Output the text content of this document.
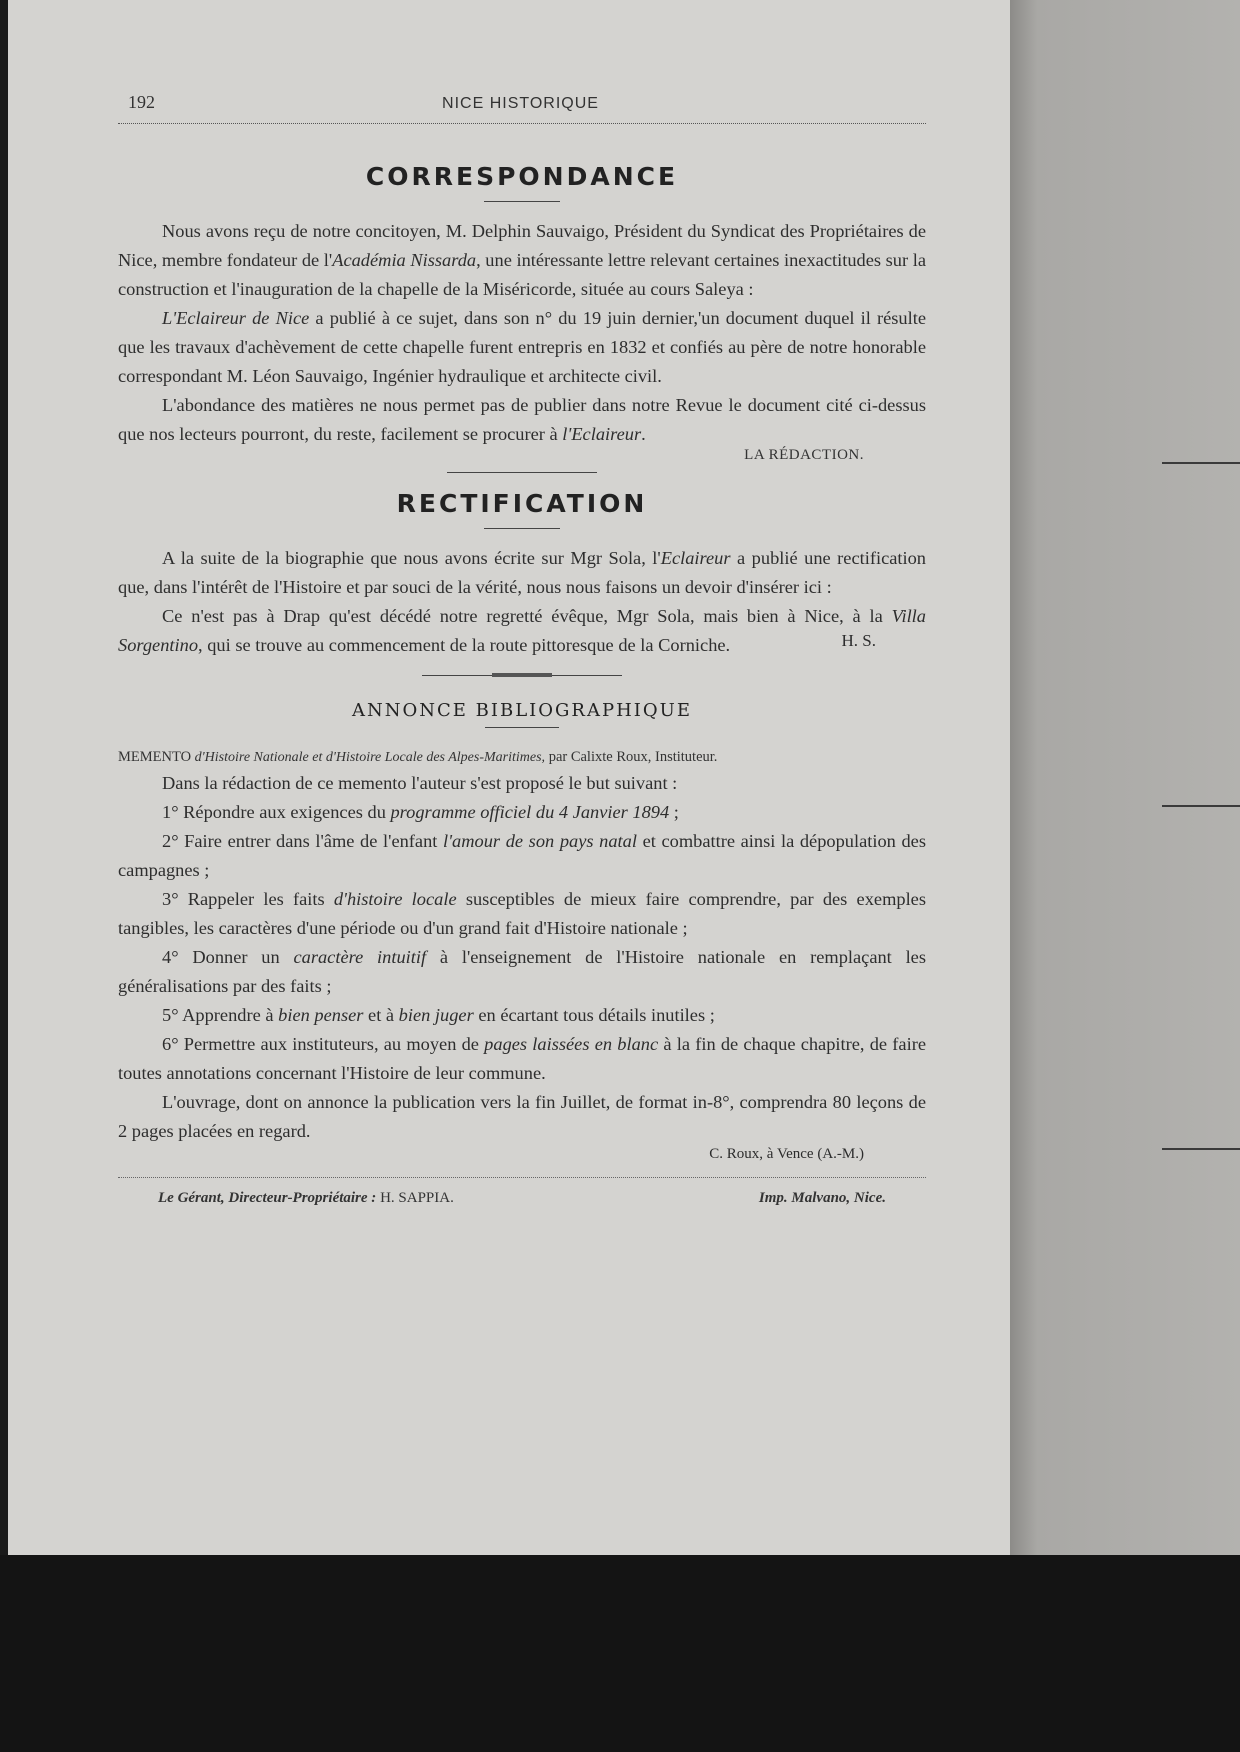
192	NICE HISTORIQUE
CORRESPONDANCE

Nous avons reçu de notre concitoyen, M. Delphin Sauvaigo, Président du Syndicat des Propriétaires de Nice, membre fondateur de l'Académia Nissarda, une intéressante lettre relevant certaines inexactitudes sur la construction et l'inauguration de la chapelle de la Miséricorde, située au cours Saleya :

L'Eclaireur de Nice a publié à ce sujet, dans son n° du 19 juin dernier,'un document duquel il résulte que les travaux d'achèvement de cette chapelle furent entrepris en 1832 et confiés au père de notre honorable correspondant M. Léon Sauvaigo, Ingénier hydraulique et architecte civil.

L'abondance des matières ne nous permet pas de publier dans notre Revue le document cité ci-dessus que nos lecteurs pourront, du reste, facilement se procurer à l'Eclaireur.

LA RÉDACTION.
RECTIFICATION

A la suite de la biographie que nous avons écrite sur Mgr Sola, l'Eclaireur a publié une rectification que, dans l'intérêt de l'Histoire et par souci de la vérité, nous nous faisons un devoir d'insérer ici :

Ce n'est pas à Drap qu'est décédé notre regretté évêque, Mgr Sola, mais bien à Nice, à la Villa Sorgentino, qui se trouve au commencement de la route pittoresque de la Corniche.	H. S.
ANNONCE BIBLIOGRAPHIQUE

MEMENTO d'Histoire Nationale et d'Histoire Locale des Alpes-Maritimes, par Calixte Roux, Instituteur.

Dans la rédaction de ce memento l'auteur s'est proposé le but suivant :

1° Répondre aux exigences du programme officiel du 4 Janvier 1894 ;

2° Faire entrer dans l'âme de l'enfant l'amour de son pays natal et combattre ainsi la dépopulation des campagnes ;

3° Rappeler les faits d'histoire locale susceptibles de mieux faire comprendre, par des exemples tangibles, les caractères d'une période ou d'un grand fait d'Histoire nationale ;

4° Donner un caractère intuitif à l'enseignement de l'Histoire nationale en remplaçant les généralisations par des faits ;

5° Apprendre à bien penser et à bien juger en écartant tous détails inutiles ;

6° Permettre aux instituteurs, au moyen de pages laissées en blanc à la fin de chaque chapitre, de faire toutes annotations concernant l'Histoire de leur commune.

L'ouvrage, dont on annonce la publication vers la fin Juillet, de format in-8°, comprendra 80 leçons de 2 pages placées en regard.

C. Roux, à Vence (A.-M.)
Le Gérant, Directeur-Propriétaire : H. SAPPIA.	Imp. Malvano, Nice.
